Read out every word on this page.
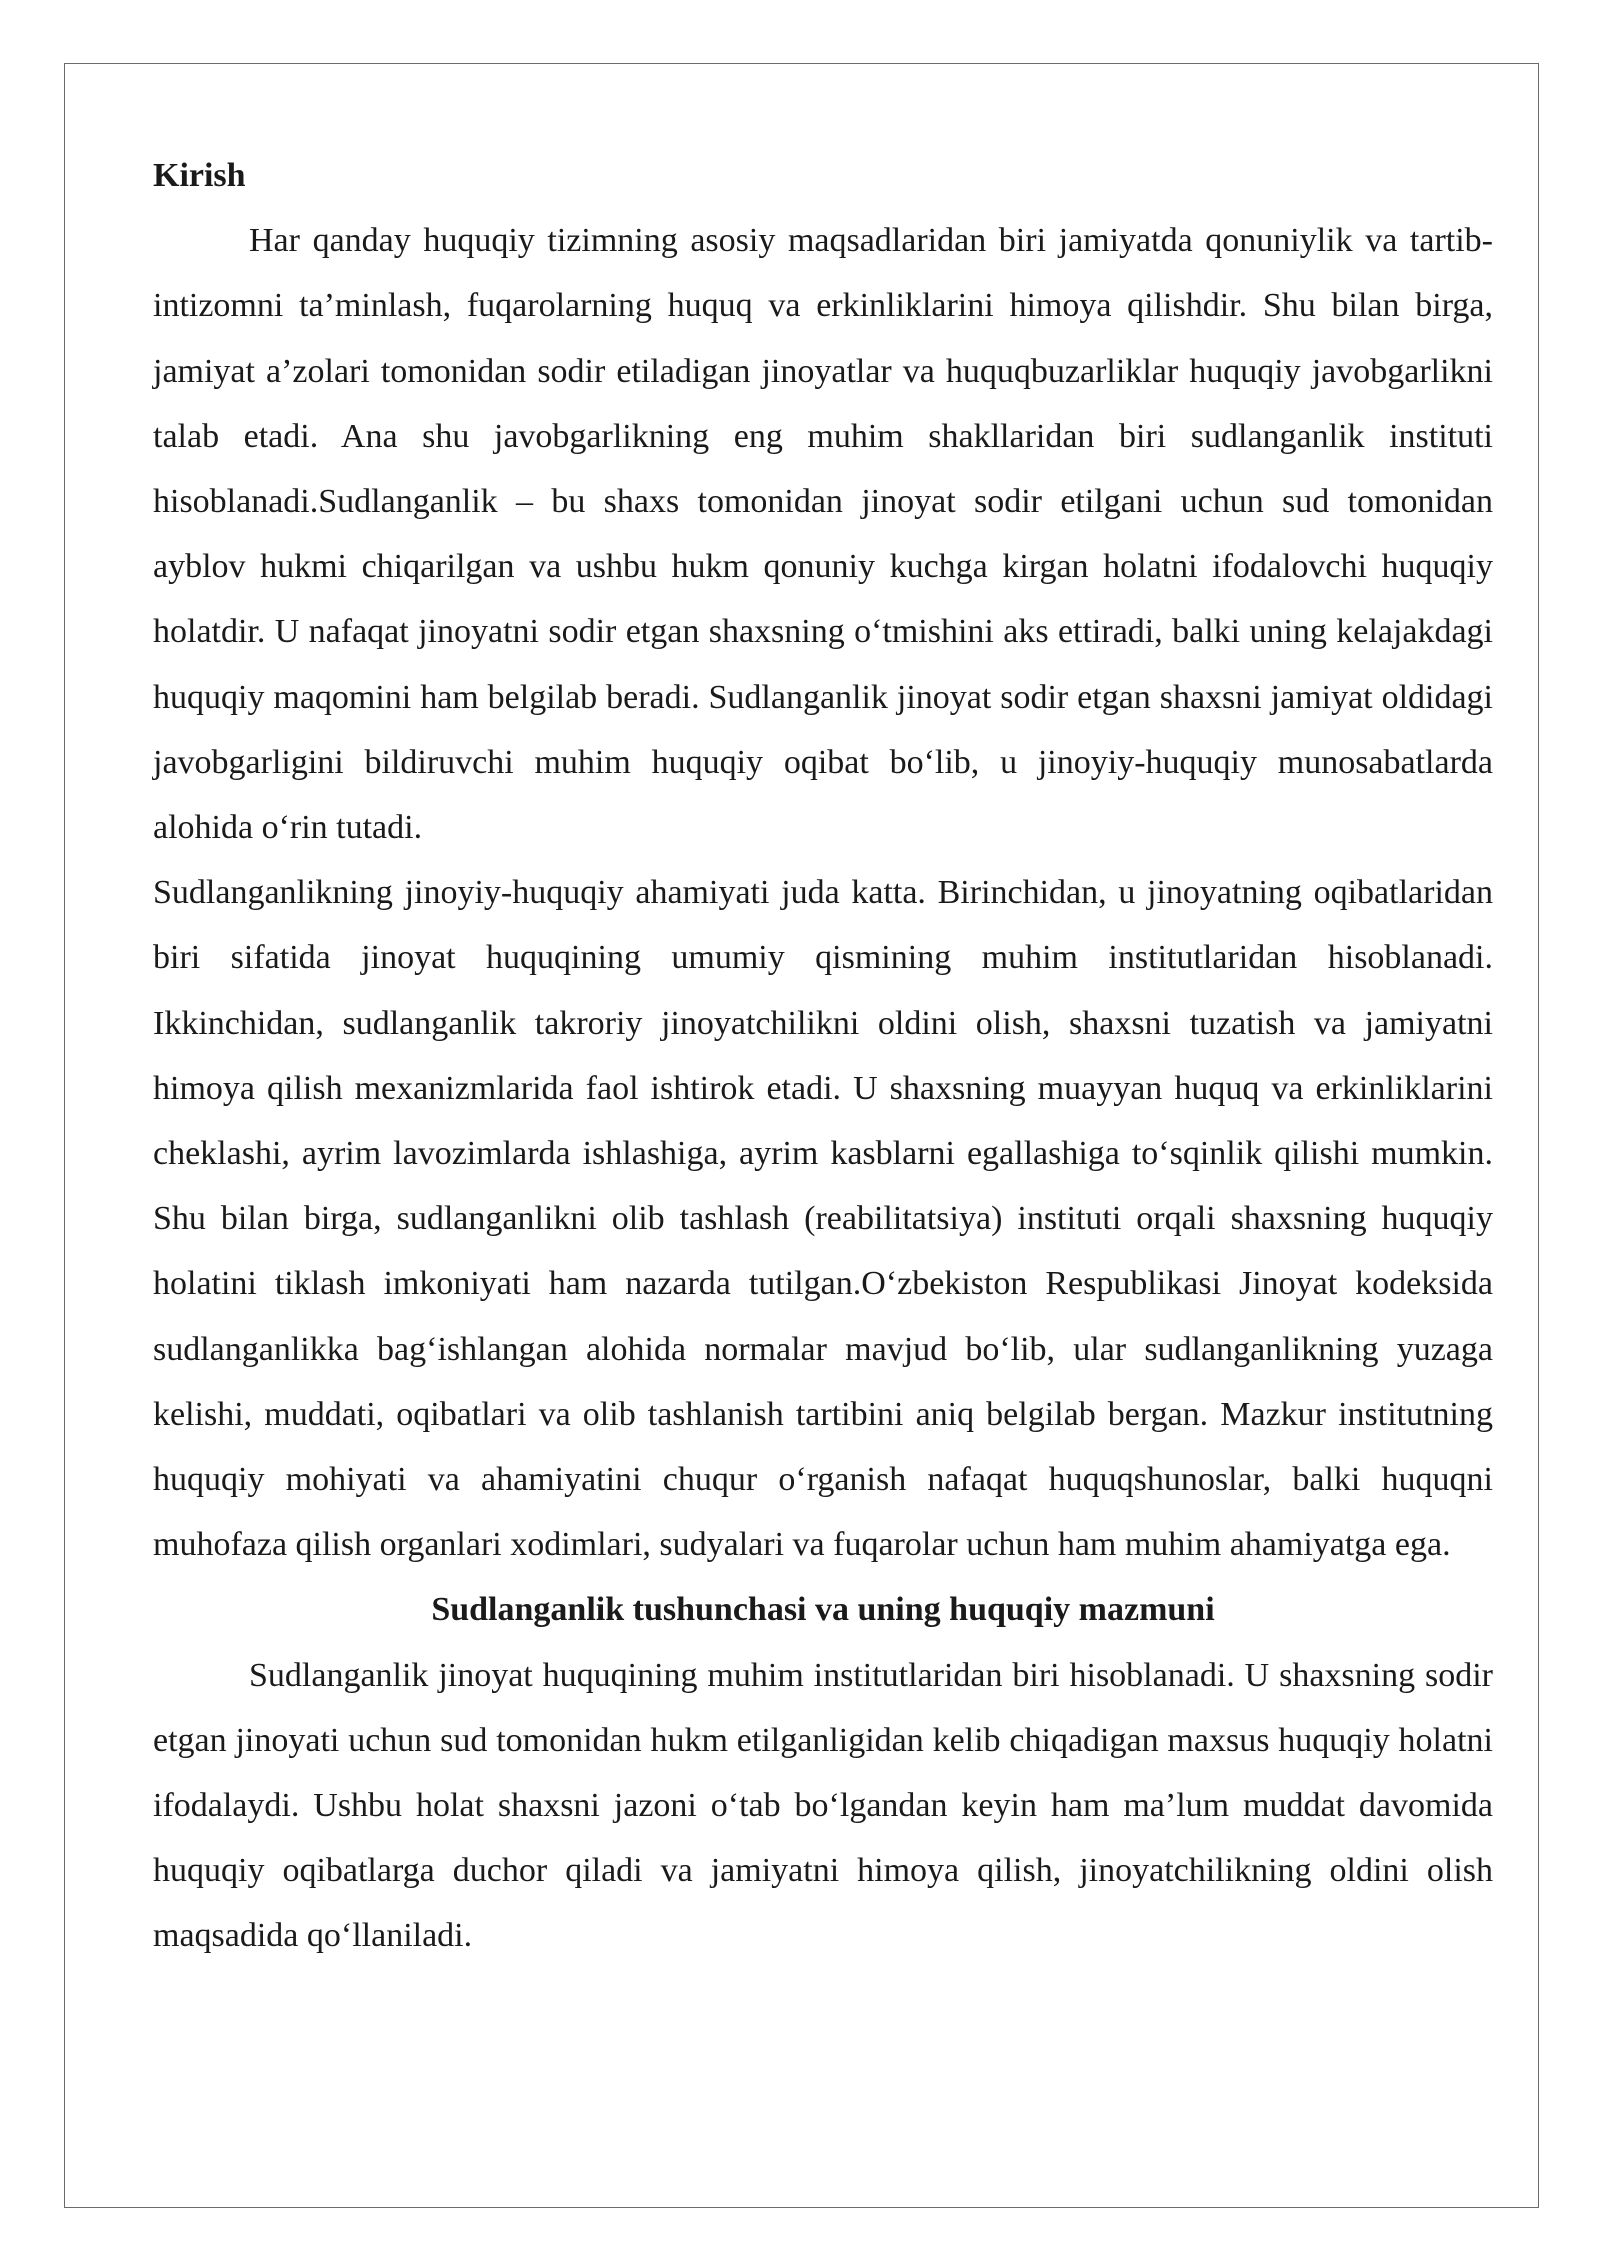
Kirish

Har qanday huquqiy tizimning asosiy maqsadlaridan biri jamiyatda qonuniylik va tartib-intizomni ta’minlash, fuqarolarning huquq va erkinliklarini himoya qilishdir. Shu bilan birga, jamiyat a’zolari tomonidan sodir etiladigan jinoyatlar va huquqbuzarliklar huquqiy javobgarlikni talab etadi. Ana shu javobgarlikning eng muhim shakllaridan biri sudlanganlik instituti hisoblanadi.Sudlanganlik – bu shaxs tomonidan jinoyat sodir etilgani uchun sud tomonidan ayblov hukmi chiqarilgan va ushbu hukm qonuniy kuchga kirgan holatni ifodalovchi huquqiy holatdir. U nafaqat jinoyatni sodir etgan shaxsning o‘tmishini aks ettiradi, balki uning kelajakdagi huquqiy maqomini ham belgilab beradi. Sudlanganlik jinoyat sodir etgan shaxsni jamiyat oldidagi javobgarligini bildiruvchi muhim huquqiy oqibat bo‘lib, u jinoyiy-huquqiy munosabatlarda alohida o‘rin tutadi.

Sudlanganlikning jinoyiy-huquqiy ahamiyati juda katta. Birinchidan, u jinoyatning oqibatlaridan biri sifatida jinoyat huquqining umumiy qismining muhim institutlaridan hisoblanadi. Ikkinchidan, sudlanganlik takroriy jinoyatchilikni oldini olish, shaxsni tuzatish va jamiyatni himoya qilish mexanizmlarida faol ishtirok etadi. U shaxsning muayyan huquq va erkinliklarini cheklashi, ayrim lavozimlarda ishlashiga, ayrim kasblarni egallashiga to‘sqinlik qilishi mumkin. Shu bilan birga, sudlanganlikni olib tashlash (reabilitatsiya) instituti orqali shaxsning huquqiy holatini tiklash imkoniyati ham nazarda tutilgan.O‘zbekiston Respublikasi Jinoyat kodeksida sudlanganlikka bag‘ishlangan alohida normalar mavjud bo‘lib, ular sudlanganlikning yuzaga kelishi, muddati, oqibatlari va olib tashlanish tartibini aniq belgilab bergan. Mazkur institutning huquqiy mohiyati va ahamiyatini chuqur o‘rganish nafaqat huquqshunoslar, balki huquqni muhofaza qilish organlari xodimlari, sudyalari va fuqarolar uchun ham muhim ahamiyatga ega.

Sudlanganlik tushunchasi va uning huquqiy mazmuni

Sudlanganlik jinoyat huquqining muhim institutlaridan biri hisoblanadi. U shaxsning sodir etgan jinoyati uchun sud tomonidan hukm etilganligidan kelib chiqadigan maxsus huquqiy holatni ifodalaydi. Ushbu holat shaxsni jazoni o‘tab bo‘lgandan keyin ham ma’lum muddat davomida huquqiy oqibatlarga duchor qiladi va jamiyatni himoya qilish, jinoyatchilikning oldini olish maqsadida qo‘llaniladi.
